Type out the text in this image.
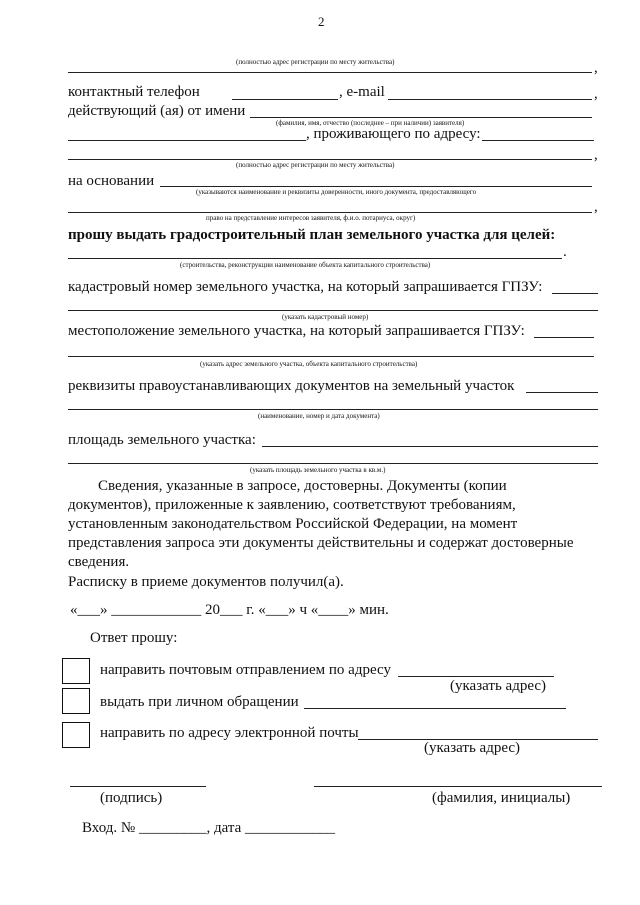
2
(полностью адрес регистрации по месту жительства)	,
контактный телефон	, e-mail	,
действующий (ая) от имени
(фамилия, имя, отчество (последнее – при наличии) заявителя)
, проживающего по адресу:
,
(полностью адрес регистрации по месту жительства)
на основании
(указываются наименование и реквизиты доверенности, иного документа, предоставляющего
,
право на представление интересов заявителя, ф.и.о. потариуса, округ)
прошу выдать градостроительный план земельного участка для целей:
.
(строительства, реконструкции наименование объекта капитального строительства)
кадастровый номер земельного участка, на который запрашивается ГПЗУ:
(указать кадастровый номер)
местоположение земельного участка, на который запрашивается ГПЗУ:
(указать адрес земельного участка, объекта капитального строительства)
реквизиты правоустанавливающих документов на земельный участок
(наименование, номер и дата документа)
площадь земельного участка:
(указать площадь земельного участка в кв.м.)
Сведения, указанные в запросе, достоверны. Документы (копии
документов), приложенные к заявлению, соответствуют требованиям,
установленным законодательством Российской Федерации, на момент
представления запроса эти документы действительны и содержат достоверные
сведения.
Расписку в приеме документов получил(а).
«___» ____________ 20___ г. «___» ч «____» мин.
Ответ прошу:
направить почтовым отправлением по адресу
(указать адрес)
выдать при личном обращении
направить по адресу электронной почты
(указать адрес)
(подпись)	(фамилия, инициалы)
Вход. № _________, дата ____________
